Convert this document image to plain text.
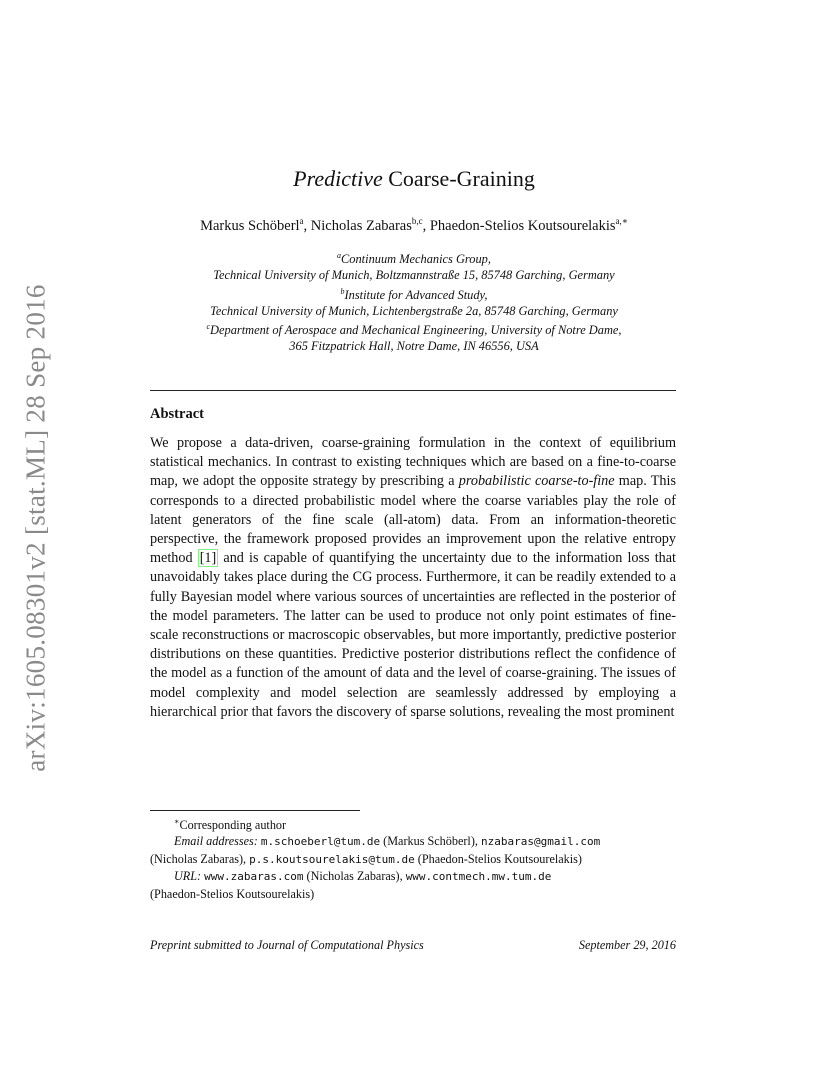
arXiv:1605.08301v2 [stat.ML] 28 Sep 2016
Predictive Coarse-Graining
Markus Schöberl$^a$, Nicholas Zabaras$^{b,c}$, Phaedon-Stelios Koutsourelakis$^{a,∗}$
$^a$Continuum Mechanics Group,
Technical University of Munich, Boltzmannstraße 15, 85748 Garching, Germany
$^b$Institute for Advanced Study,
Technical University of Munich, Lichtenbergstraße 2a, 85748 Garching, Germany
$^c$Department of Aerospace and Mechanical Engineering, University of Notre Dame,
365 Fitzpatrick Hall, Notre Dame, IN 46556, USA
Abstract
We propose a data-driven, coarse-graining formulation in the context of equilibrium statistical mechanics. In contrast to existing techniques which are based on a fine-to-coarse map, we adopt the opposite strategy by prescribing a probabilistic coarse-to-fine map. This corresponds to a directed probabilistic model where the coarse variables play the role of latent generators of the fine scale (all-atom) data. From an information-theoretic perspective, the framework proposed provides an improvement upon the relative entropy method [1] and is capable of quantifying the uncertainty due to the information loss that unavoidably takes place during the CG process. Furthermore, it can be readily extended to a fully Bayesian model where various sources of uncertainties are reflected in the posterior of the model parameters. The latter can be used to produce not only point estimates of fine-scale reconstructions or macroscopic observables, but more importantly, predictive posterior distributions on these quantities. Predictive posterior distributions reflect the confidence of the model as a function of the amount of data and the level of coarse-graining. The issues of model complexity and model selection are seamlessly addressed by employing a hierarchical prior that favors the discovery of sparse solutions, revealing the most prominent
∗Corresponding author
Email addresses: m.schoeberl@tum.de (Markus Schöberl), nzabaras@gmail.com
(Nicholas Zabaras), p.s.koutsourelakis@tum.de (Phaedon-Stelios Koutsourelakis)
URL: www.zabaras.com (Nicholas Zabaras), www.contmech.mw.tum.de
(Phaedon-Stelios Koutsourelakis)
Preprint submitted to Journal of Computational Physics	September 29, 2016
